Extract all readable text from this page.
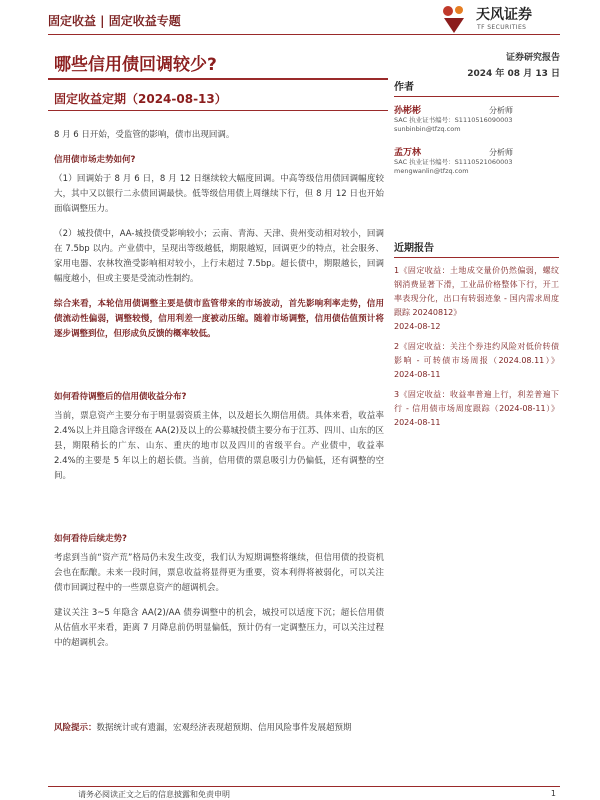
固定收益 | 固定收益专题	天风证券
TF SECURITIES
哪些信用债回调较少?	证券研究报告
2024 年 08 月 13 日
固定收益定期（2024-08-13）

8 月 6 日开始，受监管的影响，债市出现回调。

信用债市场走势如何?

（1）回调始于 8 月 6 日，8 月 12 日继续较大幅度回调。中高等级信用债回调幅度较大，其中又以银行二永债回调最快。低等级信用债上周继续下行，但 8 月 12 日也开始面临调整压力。

（2）城投债中，AA-城投债受影响较小；云南、青海、天津、贵州变动相对较小，回调在 7.5bp 以内。产业债中，呈现出等级越低，期限越短，回调更少的特点，社会服务、家用电器、农林牧渔受影响相对较小，上行未超过 7.5bp。超长债中，期限越长，回调幅度越小，但或主要是受流动性制约。

综合来看，本轮信用债调整主要是债市监管带来的市场波动，首先影响利率走势，信用债流动性偏弱，调整较慢，信用利差一度被动压缩。随着市场调整，信用债估值预计将逐步调整到位，但形成负反馈的概率较低。

如何看待调整后的信用债收益分布?

当前，票息资产主要分布于明显弱资质主体，以及超长久期信用债。具体来看，收益率 2.4%以上并且隐含评级在 AA(2)及以上的公募城投债主要分布于江苏、四川、山东的区县，期限稍长的广东、山东、重庆的地市以及四川的省级平台。产业债中，收益率 2.4%的主要是 5 年以上的超长债。当前，信用债的票息吸引力仍偏低，还有调整的空间。

如何看待后续走势?

考虑到当前“资产荒”格局仍未发生改变，我们认为短期调整将继续，但信用债的投资机会也在酝酿。未来一段时间，票息收益将显得更为重要，资本利得将被弱化，可以关注债市回调过程中的一些票息资产的超调机会。

建议关注 3~5 年隐含 AA(2)/AA 债券调整中的机会，城投可以适度下沉；超长信用债从估值水平来看，距离 7 月降息前仍明显偏低，预计仍有一定调整压力，可以关注过程中的超调机会。

风险提示：数据统计或有遗漏，宏观经济表现超预期、信用风险事件发展超预期

作者
孙彬彬	分析师
SAC 执业证书编号：S1110516090003
sunbinbin@tfzq.com
孟万林	分析师
SAC 执业证书编号：S1110521060003
mengwanlin@tfzq.com
近期报告
1《固定收益：土地成交量价仍然偏弱，螺纹钢消费显著下滑，工业品价格整体下行，开工率表现分化，出口有转弱迹象 - 国内需求周度跟踪 20240812》
2024-08-12
2《固定收益：关注个券违约风险对低价转债影响 - 可转债市场周报（2024.08.11）》 2024-08-11
3《固定收益：收益率普遍上行，利差普遍下行 - 信用债市场周度跟踪（2024-08-11）》 2024-08-11
请务必阅读正文之后的信息披露和免责申明	1
